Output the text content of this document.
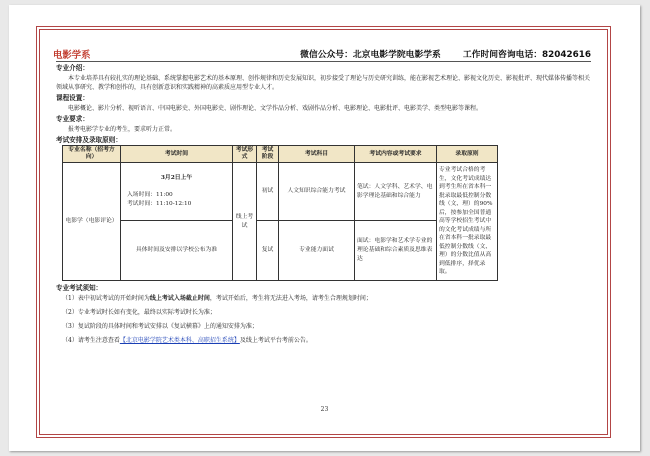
23
电影学系	微信公众号：北京电影学院电影学系	工作时间咨询电话：82042616
专业介绍：
本专业培养具有较扎实的理论基础、系统掌握电影艺术的基本原理、创作规律和历史发展知识，初步接受了理论与历史研究训练，能在影视艺术理论、影视文化历史、影视批评、现代媒体传播等相关领域从事研究、教学和创作的，具有创新意识和实践精神的高素质应用型专业人才。
课程设置：
电影概论、影片分析、视听语言、中国电影史、外国电影史、剧作理论、文学作品分析、戏剧作品分析、电影理论、电影批评、电影美学、类型电影等课程。
专业要求：
报考电影学专业的考生，要求听力正常。
考试安排及录取原则：
专业名称（招考方向）	考试时间	考试形式	考试阶段	考试科目	考试内容或考试要求	录取原则
电影学（电影评论）	3月2日上午
入场时间：11:00
考试时间：11:10-12:10	线上考试	初试	人文知识综合能力考试	笔试：人文学科、艺术学、电影学理论基础和综合能力	专业考试合格的考生，文化考试成绩达到考生所在省本科一批录取最低控制分数线（文、理）的90%后，按参加全国普通高等学校招生考试中的文化考试成绩与所在省本科一批录取最低控制分数线（文、理）的分数比值从高到低排序，择优录取。
	具体时间及安排以学校公布为准		复试	专业能力面试	面试：电影学和艺术学专业的理论基础和综合素质及思维表达	
专业考试须知：

（1）表中初试考试的开始时间为线上考试入场截止时间，考试开始后，考生将无法进入考场，请考生合理规划时间；

（2）专业考试时长如有变化，最终以实际考试时长为准；

（3）复试阶段的具体时间和考试安排以《复试横幕》上的通知安排为准；

（4）请考生注意查看【北京电影学院艺术类本科、高职招生系统】及线上考试平台考前公告。
